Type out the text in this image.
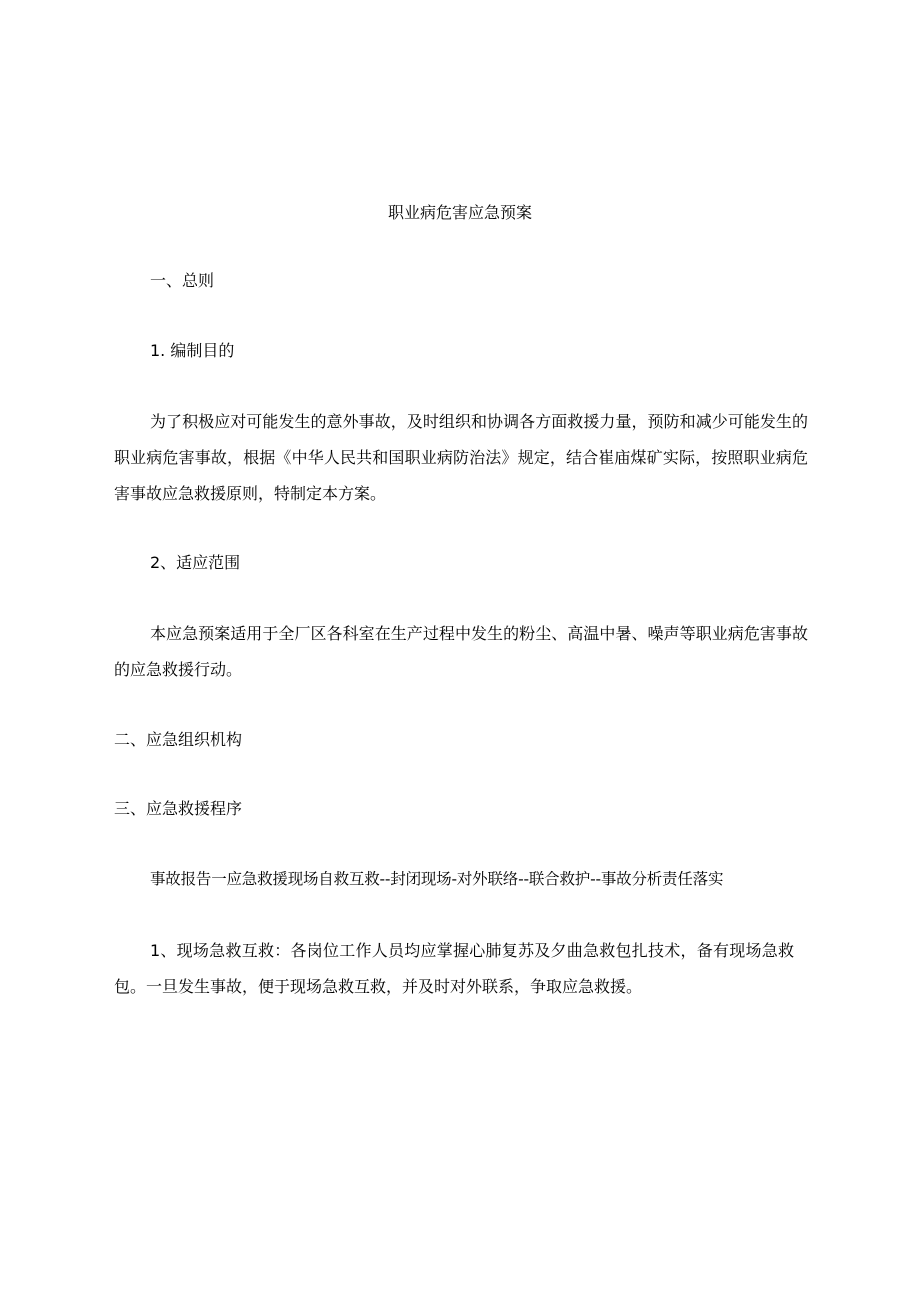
职业病危害应急预案

一、总则

1. 编制目的

为了积极应对可能发生的意外事故，及时组织和协调各方面救援力量，预防和减少可能发生的职业病危害事故，根据《中华人民共和国职业病防治法》规定，结合崔庙煤矿实际，按照职业病危害事故应急救援原则，特制定本方案。

2、适应范围

本应急预案适用于全厂区各科室在生产过程中发生的粉尘、高温中暑、噪声等职业病危害事故的应急救援行动。

二、应急组织机构

三、应急救援程序

事故报告一应急救援现场自救互救--封闭现场-对外联络--联合救护--事故分析责任落实

1、现场急救互救：各岗位工作人员均应掌握心肺复苏及夕曲急救包扎技术，备有现场急救包。一旦发生事故，便于现场急救互救，并及时对外联系，争取应急救援。
